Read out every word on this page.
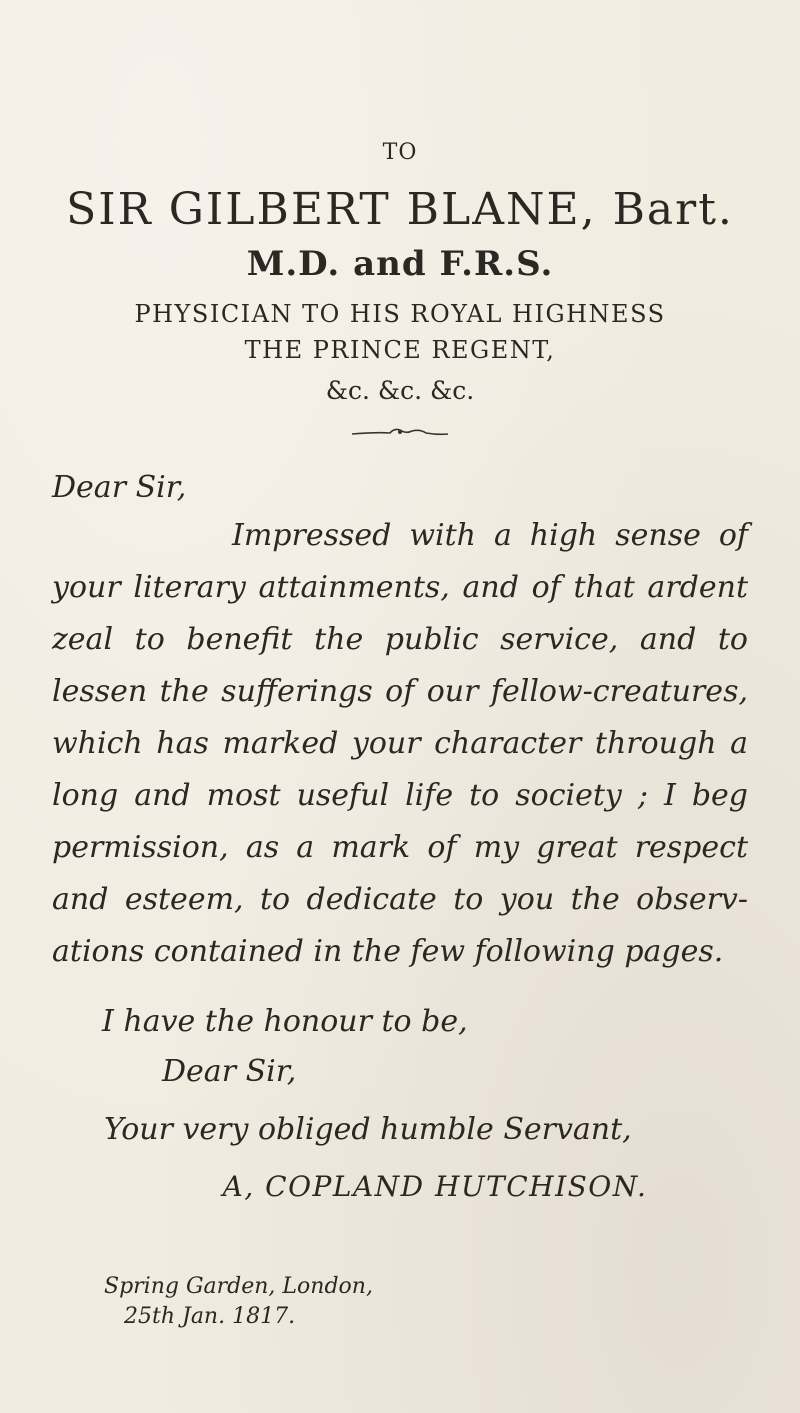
TO
SIR GILBERT BLANE, Bart.
M.D. and F.R.S.
PHYSICIAN TO HIS ROYAL HIGHNESS
THE PRINCE REGENT,
&c. &c. &c.
Dear Sir,
Impressed with a high sense of
your literary attainments, and of that ardent
zeal to benefit the public service, and to
lessen the sufferings of our fellow-creatures,
which has marked your character through a
long and most useful life to society ; I beg
permission, as a mark of my great respect
and esteem, to dedicate to you the observ-
ations contained in the few following pages.
I have the honour to be,
Dear Sir,
Your very obliged humble Servant,
A, COPLAND HUTCHISON.
Spring Garden, London,
25th Jan. 1817.
